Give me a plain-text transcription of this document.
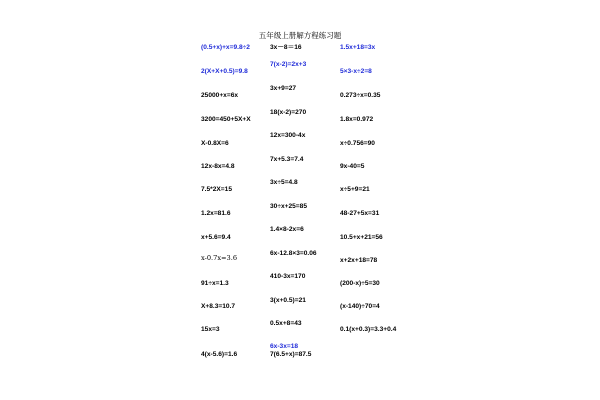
五年级上册解方程练习题
(0.5+x)+x=9.8÷2
2(X+X+0.5)=9.8
25000+x=6x
3200=450+5X+X
X-0.8X=6
12x-8x=4.8
7.5*2X=15
1.2x=81.6
x+5.6=9.4
x-0.7x=3.6
91÷x=1.3
X+8.3=10.7
15x=3
4(x-5.6)=1.6
3x－8＝16
7(x-2)=2x+3
3x+9=27
18(x-2)=270
12x=300-4x
7x+5.3=7.4
3x÷5=4.8
30÷x+25=85
1.4×8-2x=6
6x-12.8×3=0.06
410-3x=170
3(x+0.5)=21
0.5x+8=43
6x-3x=18
7(6.5+x)=87.5
1.5x+18=3x
5×3-x÷2=8
0.273÷x=0.35
1.8x=0.972
x÷0.756=90
9x-40=5
x÷5+9=21
48-27+5x=31
10.5+x+21=56
x+2x+18=78
(200-x)÷5=30
(x-140)÷70=4
0.1(x+0.3)=3.3+0.4
